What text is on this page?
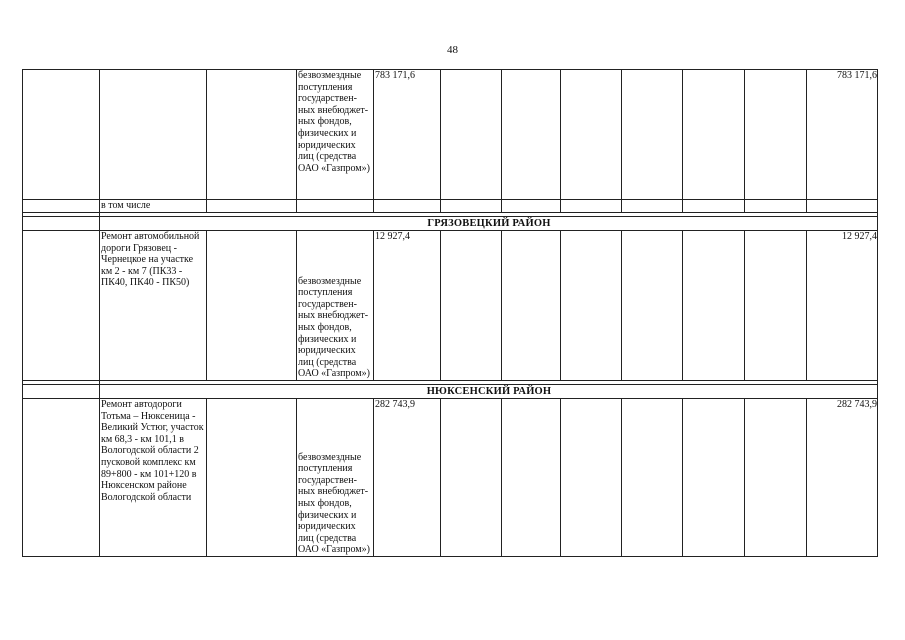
48
			безвозмездные поступления государствен-ных внебюджет-ных фондов, физических и юридических лиц (средства ОАО «Газпром»)	783 171,6							783 171,6
	в том числе										

	ГРЯЗОВЕЦКИЙ РАЙОН										
	Ремонт автомобильной дороги Грязовец - Чернецкое на участке км 2 - км 7 (ПК33 - ПК40, ПК40 - ПК50)		безвозмездные поступления государствен-ных внебюджет-ных фондов, физических и юридических лиц (средства ОАО «Газпром»)	12 927,4							12 927,4

	НЮКСЕНСКИЙ РАЙОН										
	Ремонт автодороги Тотьма – Нюксеница - Великий Устюг, участок км 68,3 - км 101,1 в Вологодской области 2 пусковой комплекс км 89+800 - км 101+120 в Нюксенском районе Вологодской области		безвозмездные поступления государствен-ных внебюджет-ных фондов, физических и юридических лиц (средства ОАО «Газпром»)	282 743,9							282 743,9
